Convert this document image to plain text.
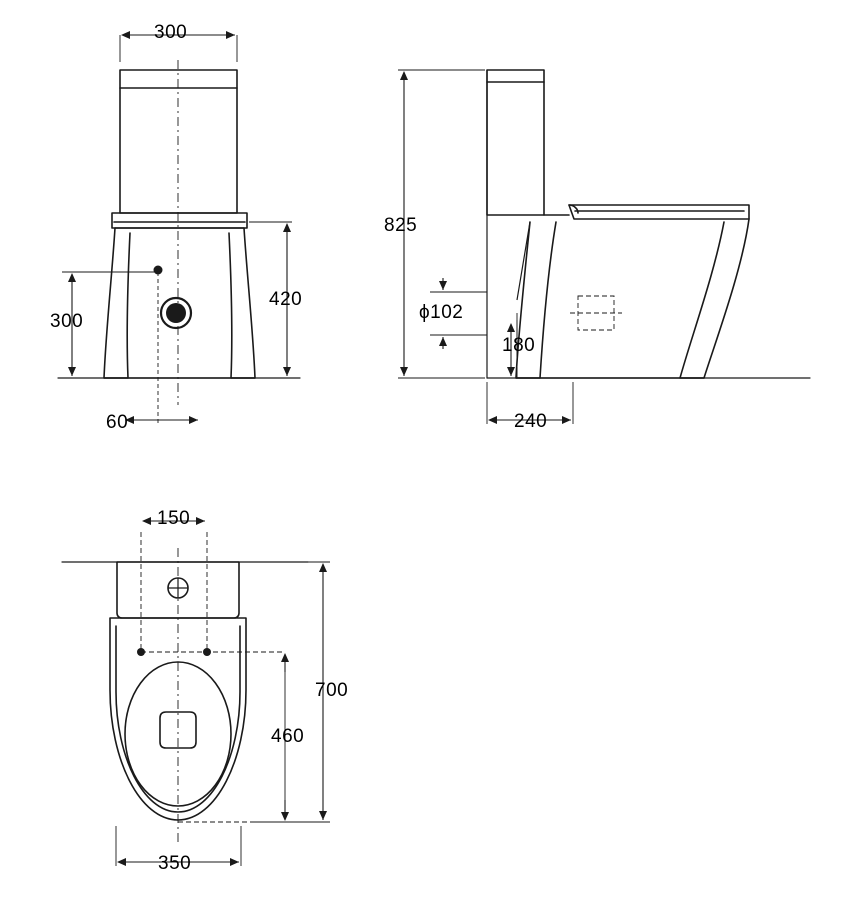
300
420
300
60
825
ϕ102
180
240
150
700
460
350
